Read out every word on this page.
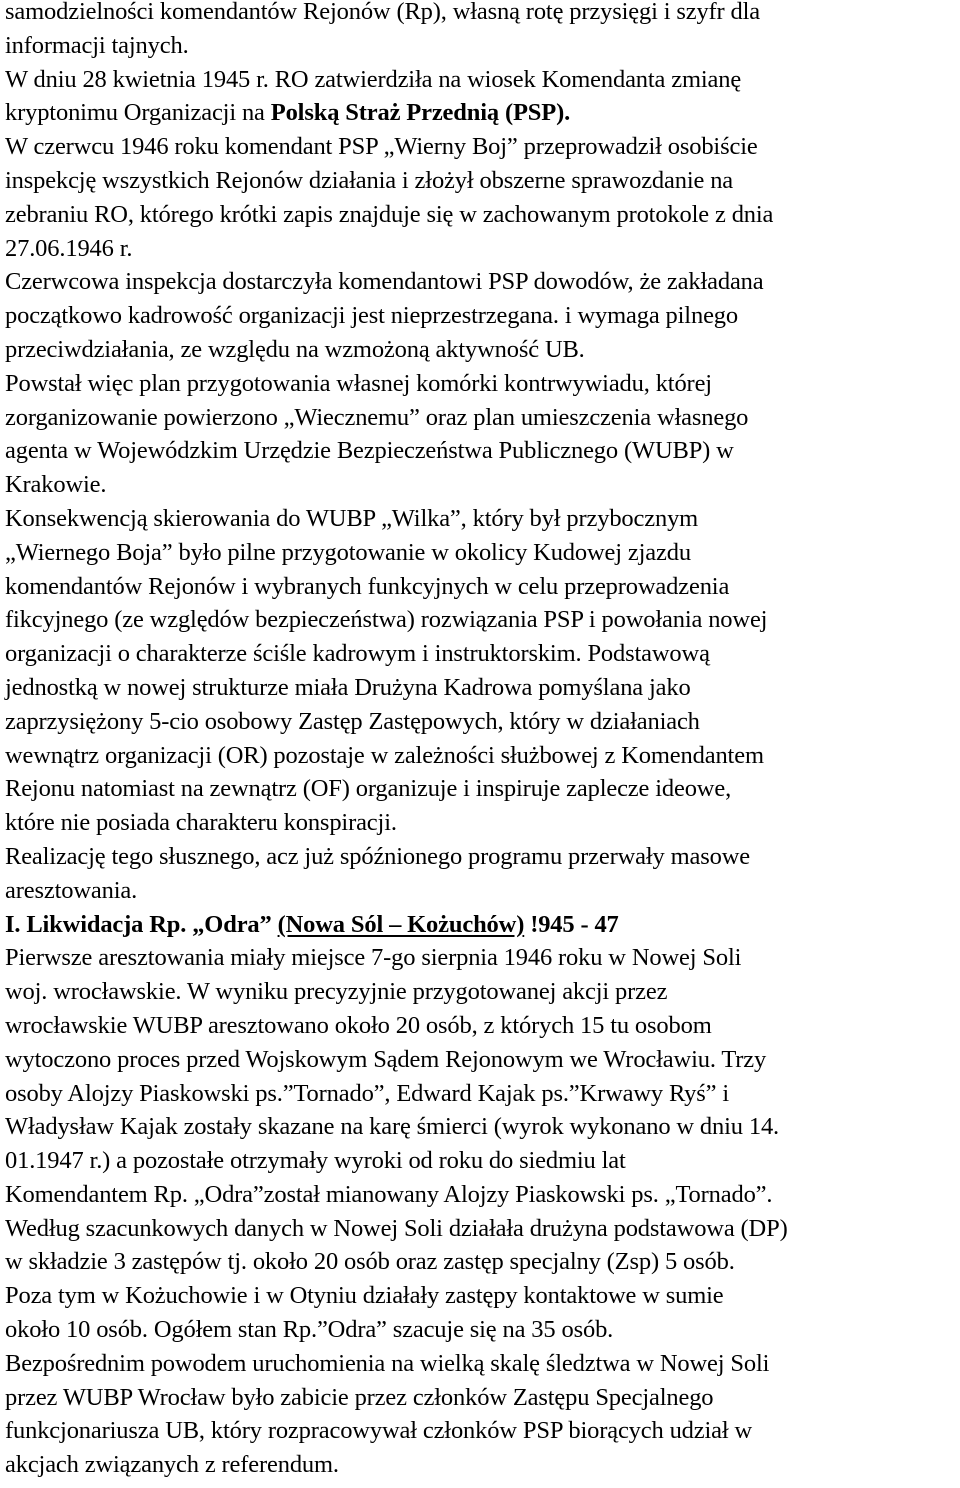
samodzielności komendantów Rejonów (Rp), własną rotę przysięgi i szyfr dla
informacji tajnych.
W dniu 28 kwietnia 1945 r. RO zatwierdziła na wiosek Komendanta zmianę
kryptonimu Organizacji na Polską Straż Przednią (PSP).
W czerwcu 1946 roku komendant PSP „Wierny Boj” przeprowadził osobiście
inspekcję wszystkich Rejonów działania i złożył obszerne sprawozdanie na
zebraniu RO, którego krótki zapis znajduje się w zachowanym protokole z dnia
27.06.1946 r.
Czerwcowa inspekcja dostarczyła komendantowi PSP dowodów, że zakładana
początkowo kadrowość organizacji jest nieprzestrzegana. i wymaga pilnego
przeciwdziałania, ze względu na wzmożoną aktywność UB.
Powstał więc plan przygotowania własnej komórki kontrwywiadu, której
zorganizowanie powierzono „Wiecznemu” oraz plan umieszczenia własnego
agenta w Wojewódzkim Urzędzie Bezpieczeństwa Publicznego (WUBP) w
Krakowie.
Konsekwencją skierowania do WUBP „Wilka”, który był przybocznym
„Wiernego Boja” było pilne przygotowanie w okolicy Kudowej zjazdu
komendantów Rejonów i wybranych funkcyjnych w celu przeprowadzenia
fikcyjnego (ze względów bezpieczeństwa) rozwiązania PSP i powołania nowej
organizacji o charakterze ściśle kadrowym i instruktorskim. Podstawową
jednostką w nowej strukturze miała Drużyna Kadrowa pomyślana jako
zaprzysiężony 5-cio osobowy Zastęp Zastępowych, który w działaniach
wewnątrz organizacji (OR) pozostaje w zależności służbowej z Komendantem
Rejonu natomiast na zewnątrz (OF) organizuje i inspiruje zaplecze ideowe,
które nie posiada charakteru konspiracji.
Realizację tego słusznego, acz już spóźnionego programu przerwały masowe
aresztowania.
I. Likwidacja Rp. „Odra” (Nowa Sól – Kożuchów) !945 - 47
Pierwsze aresztowania miały miejsce 7-go sierpnia 1946 roku w Nowej Soli
woj. wrocławskie. W wyniku precyzyjnie przygotowanej akcji przez
wrocławskie WUBP aresztowano około 20 osób, z których 15 tu osobom
wytoczono proces przed Wojskowym Sądem Rejonowym we Wrocławiu. Trzy
osoby Alojzy Piaskowski ps.”Tornado”, Edward Kajak ps.”Krwawy Ryś” i
Władysław Kajak zostały skazane na karę śmierci (wyrok wykonano w dniu 14.
01.1947 r.) a pozostałe otrzymały wyroki od roku do siedmiu lat
Komendantem Rp. „Odra”został mianowany Alojzy Piaskowski ps. „Tornado”.
Według szacunkowych danych w Nowej Soli działała drużyna podstawowa (DP)
w składzie 3 zastępów tj. około 20 osób oraz zastęp specjalny (Zsp) 5 osób.
Poza tym w Kożuchowie i w Otyniu działały zastępy kontaktowe w sumie
około 10 osób. Ogółem stan Rp.”Odra” szacuje się na 35 osób.
Bezpośrednim powodem uruchomienia na wielką skalę śledztwa w Nowej Soli
przez WUBP Wrocław było zabicie przez członków Zastępu Specjalnego
funkcjonariusza UB, który rozpracowywał członków PSP biorących udział w
akcjach związanych z referendum.
